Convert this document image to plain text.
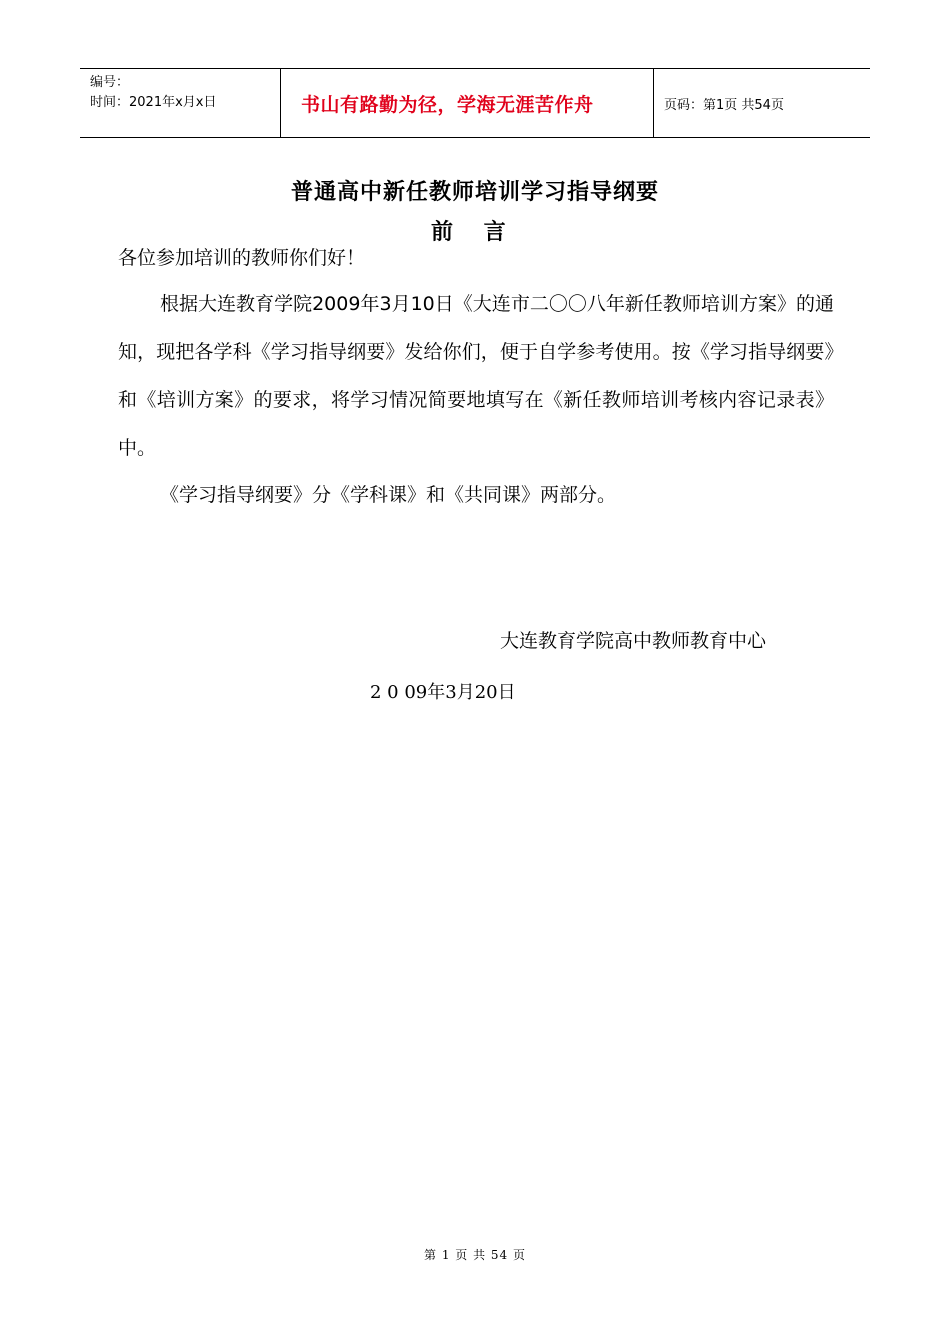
编号：
时间：2021年x月x日	书山有路勤为径，学海无涯苦作舟	页码：第1页 共54页
普通高中新任教师培训学习指导纲要
前    言
各位参加培训的教师你们好！
根据大连教育学院2009年3月10日《大连市二〇〇八年新任教师培训方案》的通知，现把各学科《学习指导纲要》发给你们，便于自学参考使用。按《学习指导纲要》和《培训方案》的要求，将学习情况简要地填写在《新任教师培训考核内容记录表》中。
《学习指导纲要》分《学科课》和《共同课》两部分。
大连教育学院高中教师教育中心
2 0 09年3月20日
第 1 页 共 54 页
